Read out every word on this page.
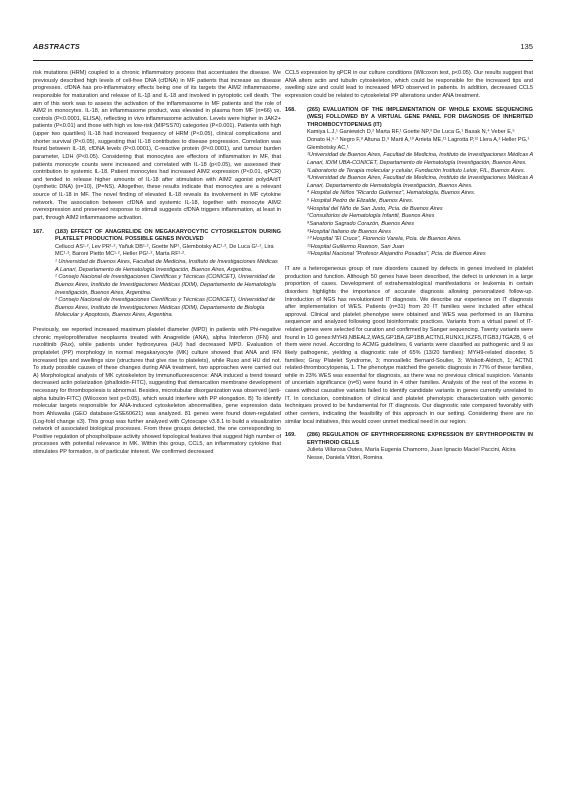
ABSTRACTS	135

risk mutations (HRM) coupled to a chronic inflammatory process that accentuates the disease. We previously described high levels of cell-free DNA (cfDNA) in MF patients that increase as disease progresses. cfDNA has pro-inflammatory effects being one of its targets the AIM2 inflammasome, responsible for maturation and release of IL-1β and IL-18 and involved in pyroptotic cell death. The aim of this work was to assess the activation of the inflammasome in MF patients and the role of AIM2 in monocytes. IL-18, an inflammasome product, was elevated in plasma from MF (n=66) vs. controls (P<0.0001, ELISA), reflecting in vivo inflammasome activation. Levels were higher in JAK2+ patients (P<0.01) and those with high vs low-risk (MIPSS70) categories (P<0.001). Patients with high (upper two quartiles) IL-18 had increased frequency of HRM (P<0.05), clinical complications and shorter survival (P<0.05), suggesting that IL-18 contributes to disease progression. Correlation was found between IL-18, cfDNA levels (P<0.0001), C-reactive protein (P<0.0001), and tumour burden parameter, LDH (P<0.05). Considering that monocytes are effectors of inflammation in MF, that patients monocyte counts were increased and correlated with IL-18 (p<0.05), we assessed their contribution to systemic IL-18. Patient monocytes had increased AIM2 expression (P<0.01, qPCR) and tended to release higher amounts of IL-18 after stimulation with AIM2 agonist polydA/dT (synthetic DNA) (n=10), (P=NS). Altogether, these results indicate that monocytes are a relevant source of IL-18 in MF. The novel finding of elevated IL-18 reveals its involvement in MF cytokine network. The association between cfDNA and systemic IL-18, together with monocyte AIM2 overexpression and preserved response to stimuli suggests cfDNA triggers inflammation, at least in part, through AIM2 inflammasome activation.

167.	(183) EFFECT OF ANAGRELIDE ON MEGAKARYOCYTIC CYTOSKELETON DURING PLATELET PRODUCTION. POSSIBLE GENES INVOLVED
Cellucci AS¹·², Lev PR¹·², Yañuk DB¹·², Goette NP¹, Glembotsky AC¹·², De Luca G¹·², Lira MC¹·³, Baroni Pietto MC¹·², Heller PG¹·², Marta RF¹·².
¹ Universidad de Buenos Aires, Facultad de Medicina, Instituto de Investigaciones Médicas A Lanari, Departamento de Hematología Investigación, Buenos Aires, Argentina.
² Consejo Nacional de Investigaciones Científicas y Técnicas (CONICET), Universidad de Buenos Aires, Instituto de Investigaciones Médicas (IDIM), Departamento de Hematología Investigación, Buenos Aires, Argentina.
³ Consejo Nacional de Investigaciones Científicas y Técnicas (CONICET), Universidad de Buenos Aires, Instituto de Investigaciones Médicas (IDIM), Departamento de Biología Molecular y Apoptosis, Buenos Aires, Argentina.

Previously, we reported increased maximum platelet diameter (MPD) in patients with Phi-negative chronic myeloproliferative neoplasms treated with Anagrelide (ANA), alpha Interferon (IFN) and ruxolitinib (Rux), while patients under hydroxyurea (HU) had decreased MPD. Evaluation of proplatelet (PP) morphology in normal megakaryocyte (MK) culture showed that ANA and IFN increased tips and swellings size (structures that give rise to platelets), while Ruxo and HU did not. To study possible causes of these changes during ANA treatment, two approaches were carried out A) Morphological analysis of MK cytoskeleton by immunofluorescence: ANA induced a trend toward decreased actin polarization (phalloidin-FITC), suggesting that demarcation membrane development necessary for thrombopoiesis is abnormal. Besides, microtubular disorganization was observed (anti-alpha tubulin-FITC) (Wilcoxon test p<0.05), which would interfere with PP elongation. B) To identify molecular targets responsible for ANA-induced cytoskeleton abnormalities, gene expression data from Ahluwalia (GEO database:GSE60621) was analyzed. 81 genes were found down-regulated (Log-fold change ≤3). This group was further analyzed with Cytoscape v3.8.1 to build a visualization network of associated biological processes. From three groups detected, the one corresponding to Positive regulation of phospholipase activity showed topological features that suggest high number of processes with potential relevance in MK. Within this group, CCL5, an inflammatory cytokine that stimulates PP formation, is of particular interest. We confirmed decreased

CCL5 expression by qPCR in our culture conditions (Wilcoxon test, p<0.05). Our results suggest that ANA alters actin and tubulin cytoskeleton, which could be responsible for the increased tips and swelling size and could lead to increased MPD observed in patients. In addition, decreased CCL5 expression could be related to cytoskeletal PP alterations under ANA treatment.

168.	(265) EVALUATION OF THE IMPLEMENTATION OF WHOLE EXOME SEQUENCING (WES) FOLLOWED BY A VIRTUAL GENE PANEL FOR DIAGNOSIS OF INHERITED THROMBOCYTOPENIAS (IT)
Kamiya L.J,¹ Ganiewich D,² Marta RF,¹ Goette NP,³ De Luca G,¹ Basak N,⁴ Veber E,⁵ Donato H,⁶·⁷ Negro F,⁸ Altuna D,⁹ Marti A,¹⁰ Arrieta ME,¹¹ Lagrotta P,¹² Llera A,² Heller PG,¹ Glembotsky AC,¹
¹Universidad de Buenos Aires, Facultad de Medicina, Instituto de Investigaciones Médicas A Lanari, IDIM UBA-CONICET, Departamento de Hematología Investigación, Buenos Aires.
²Laboratorio de Terapia molecular y celular, Fundación Instituto Leloir, FIL, Buenos Aires.
³Universidad de Buenos Aires, Facultad de Medicina, Instituto de Investigaciones Médicas A Lanari, Departamento de Hematología Investigación, Buenos Aires.
⁴ Hospital de Niños "Ricardo Gutierrez", Hematología, Buenos Aires.
⁵ Hospital Pedro de Elizalde, Buenos Aires.
⁶Hospital del Niño de San Justo, Pcia. de Buenos Aires
⁷Consultorios de Hematología Infantil, Buenos Aires
⁸Sanatorio Sagrado Corazón, Buenos Aires
⁹Hospital Italiano de Buenos Aires
¹⁰ Hospital "El Cruce", Florencio Varela, Pcia. de Buenos Aires.
¹¹Hospital Guillermo Rawson, San Juan
¹²Hospital Nacional "Profesor Alejandro Posadas", Pcia. de Buenos Aires

IT are a heterogeneous group of rare disorders caused by defects in genes involved in platelet production and function. Although 50 genes have been described, the defect is unknown in a large proportion of cases. Development of extrahematological manifestations or leukemia in certain disorders highlights the importance of accurate diagnosis allowing personalized follow-up. Introduction of NGS has revolutionized IT diagnosis. We describe our experience on IT diagnosis after implementation of WES. Patients (n=31) from 20 IT families were included after ethical approval. Clinical and platelet phenotype were obtained and WES was performed in an Illumina sequencer and analyzed following good bioinformatic practices. Variants from a virtual panel of IT-related genes were selected for curation and confirmed by Sanger sequencing. Twenty variants were found in 10 genes:MYH9,NBEAL2,WAS,GP1BA,GP1BB,ACTN1,RUNX1,IKZF5,ITGB3,ITGA2B, 6 of them were novel. According to ACMG guidelines, 6 variants were classified as pathogenic and 9 as likely pathogenic, yielding a diagnostic rate of 65% (13/20 families): MYH9-related disorder, 5 families; Gray Platelet Syndrome, 3; monoallelic Bernard-Soulier, 3; Wiskott-Aldrich, 1; ACTN1 related-thrombocytopenia, 1. The phenotype matched the genetic diagnosis in 77% of these families, while in 23% WES was essential for diagnosis, as there was no previous clinical suspicion. Variants of uncertain significance (n=5) were found in 4 other families. Analysis of the rest of the exome in cases without causative variants failed to identify candidate variants in genes currently unrelated to IT. In conclusion, combination of clinical and platelet phenotypic characterization with genomic techniques proved to be fundamental for IT diagnosis. Our diagnostic rate compared favorably with other centers, indicating the feasibility of this approach in our setting. Considering there are no similar local initiatives, this would cover unmet medical need in our region.

169.	(286) REGULATION OF ERYTHROFERRONE EXPRESSION BY ERYTHROPOIETIN IN ERYTHROID CELLS
Julieta Villarosa Outes, María Eugenia Chamorro, Juan Ignacio Maciel Paccini, Alcira Nesse, Daniela Vittori, Romina
